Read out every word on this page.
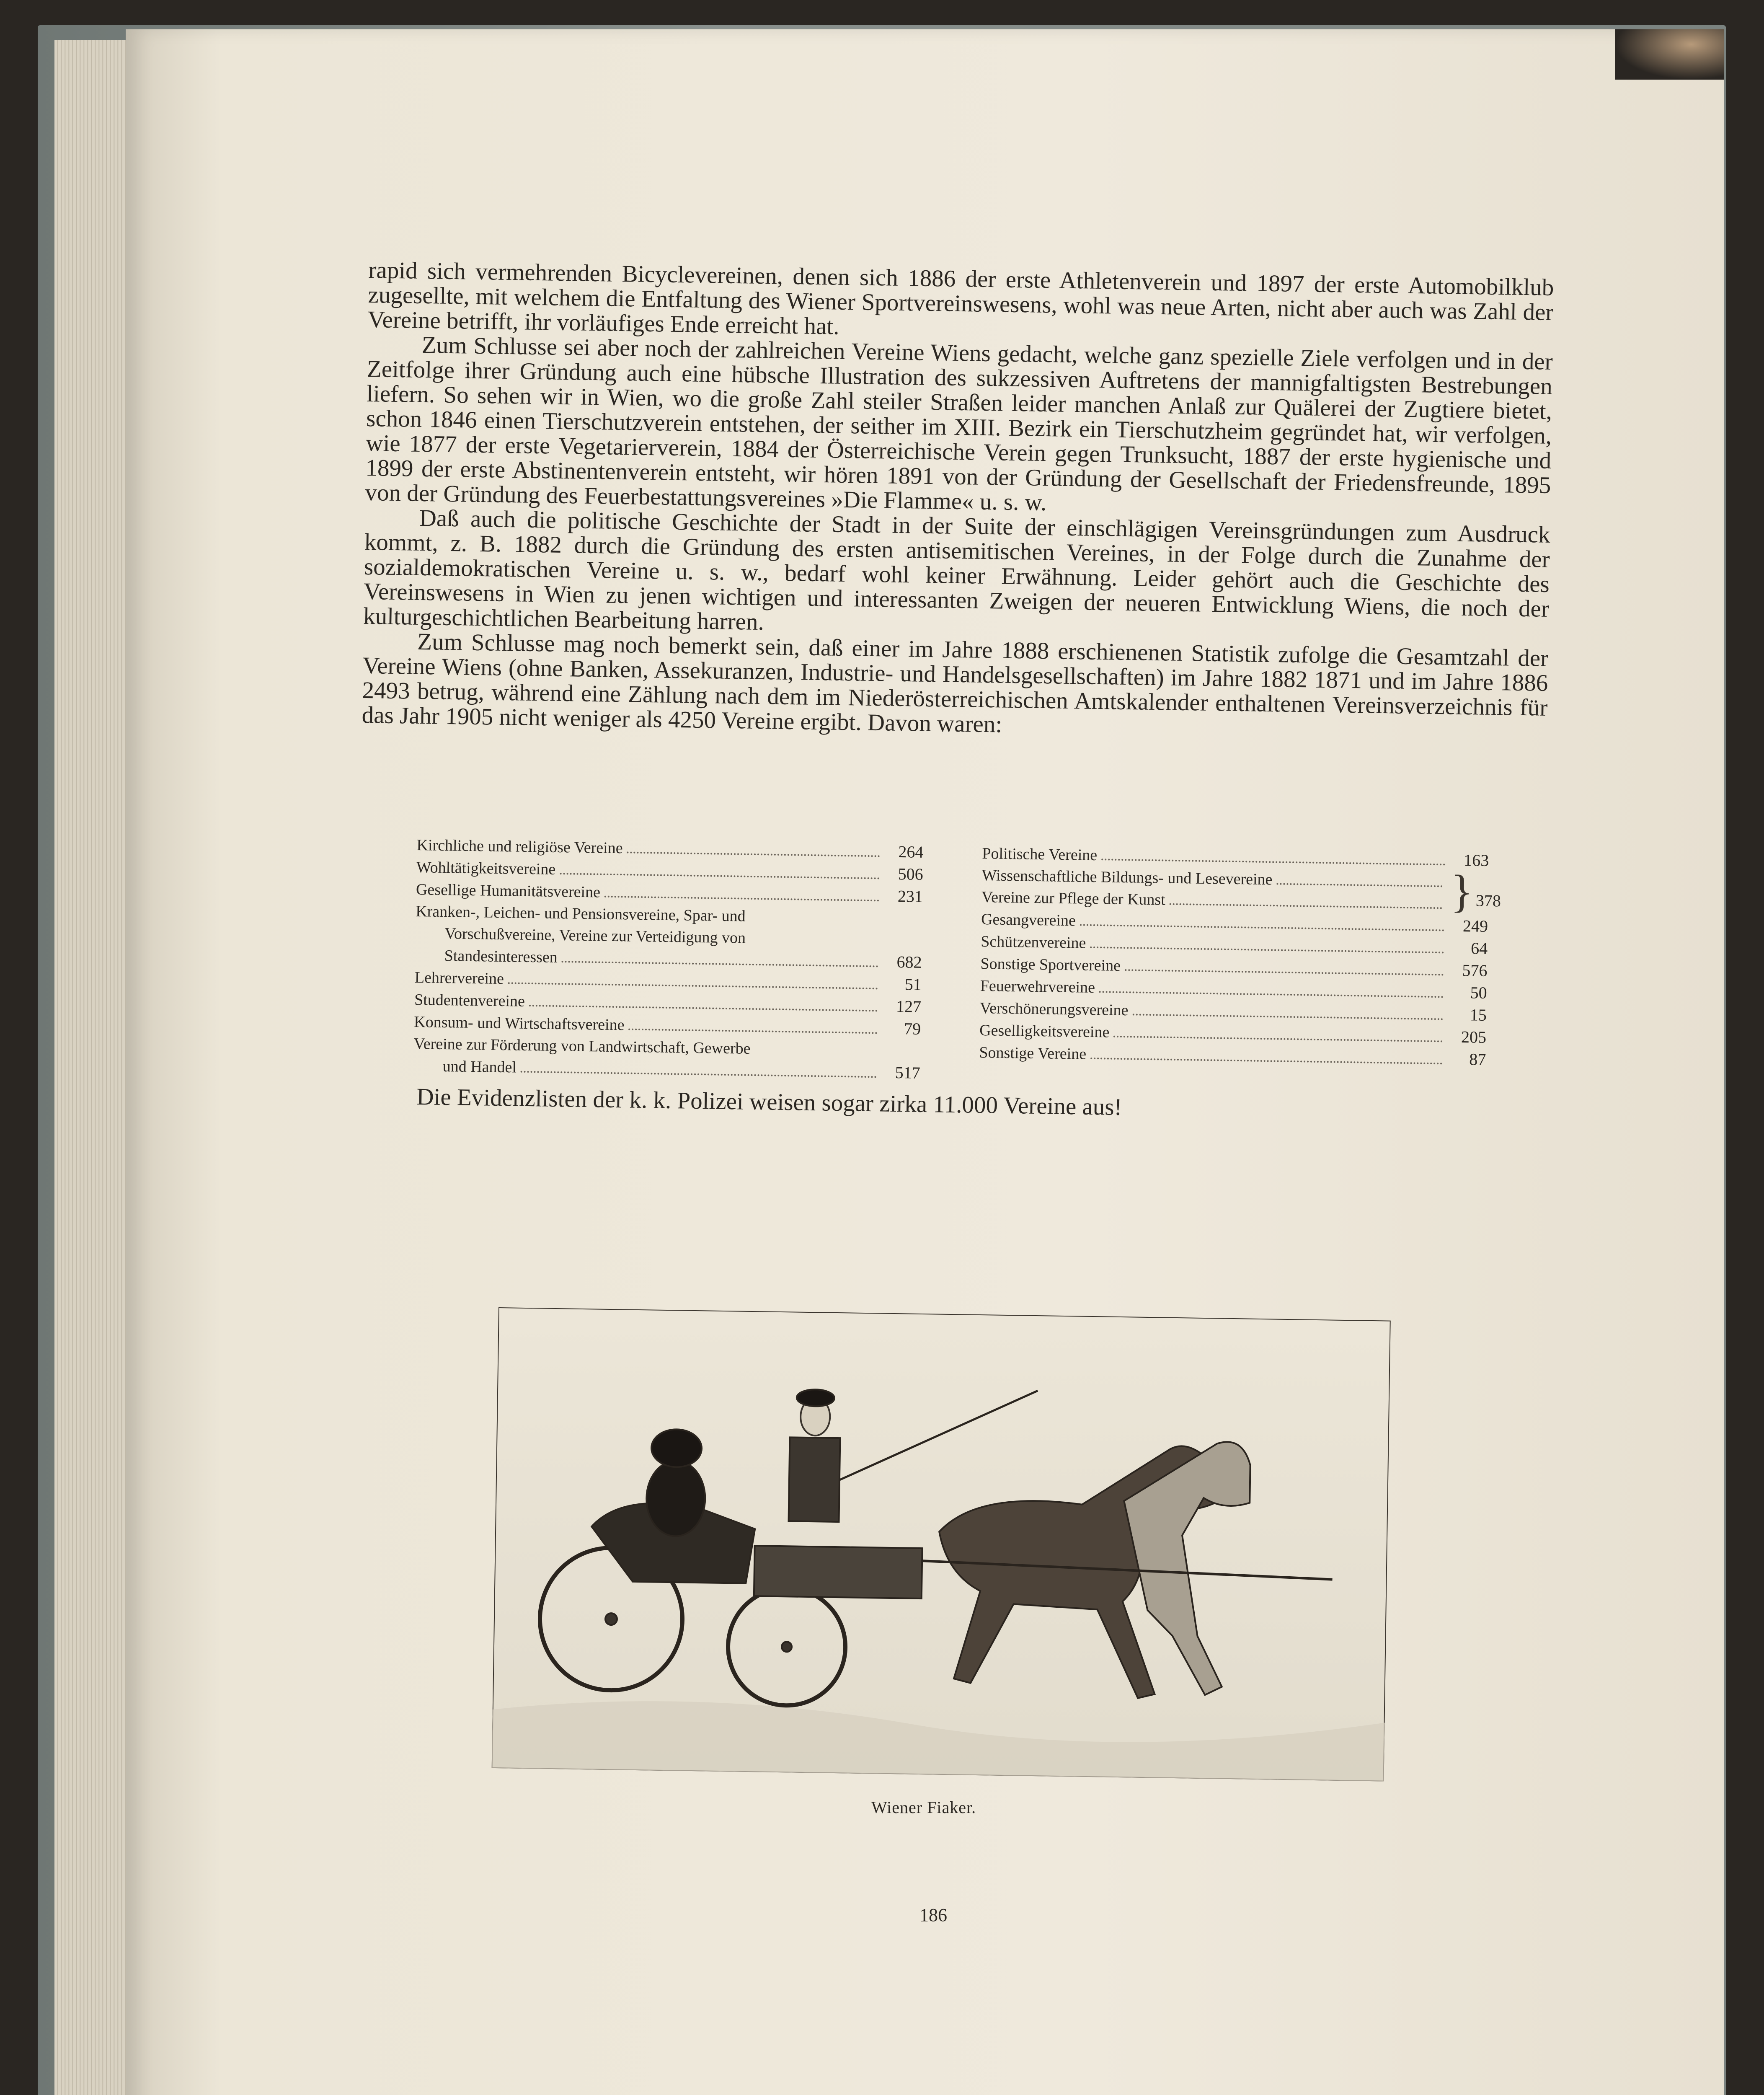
rapid sich vermehrenden Bicyclevereinen, denen sich 1886 der erste Athletenverein und 1897 der erste Automobilklub zugesellte, mit welchem die Entfaltung des Wiener Sportvereinswesens, wohl was neue Arten, nicht aber auch was Zahl der Vereine betrifft, ihr vorläufiges Ende erreicht hat.

Zum Schlusse sei aber noch der zahlreichen Vereine Wiens gedacht, welche ganz spezielle Ziele verfolgen und in der Zeitfolge ihrer Gründung auch eine hübsche Illustration des sukzessiven Auftretens der mannigfaltigsten Bestrebungen liefern. So sehen wir in Wien, wo die große Zahl steiler Straßen leider manchen Anlaß zur Quälerei der Zugtiere bietet, schon 1846 einen Tierschutzverein entstehen, der seither im XIII. Bezirk ein Tierschutzheim gegründet hat, wir verfolgen, wie 1877 der erste Vegetarierverein, 1884 der Österreichische Verein gegen Trunksucht, 1887 der erste hygienische und 1899 der erste Abstinentenverein entsteht, wir hören 1891 von der Gründung der Gesellschaft der Friedensfreunde, 1895 von der Gründung des Feuerbestattungsvereines »Die Flamme« u. s. w.

Daß auch die politische Geschichte der Stadt in der Suite der einschlägigen Vereinsgründungen zum Ausdruck kommt, z. B. 1882 durch die Gründung des ersten antisemitischen Vereines, in der Folge durch die Zunahme der sozialdemokratischen Vereine u. s. w., bedarf wohl keiner Erwähnung. Leider gehört auch die Geschichte des Vereinswesens in Wien zu jenen wichtigen und interessanten Zweigen der neueren Entwicklung Wiens, die noch der kulturgeschichtlichen Bearbeitung harren.

Zum Schlusse mag noch bemerkt sein, daß einer im Jahre 1888 erschienenen Statistik zufolge die Gesamtzahl der Vereine Wiens (ohne Banken, Assekuranzen, Industrie- und Handelsgesellschaften) im Jahre 1882 1871 und im Jahre 1886 2493 betrug, während eine Zählung nach dem im Niederösterreichischen Amtskalender enthaltenen Vereinsverzeichnis für das Jahr 1905 nicht weniger als 4250 Vereine ergibt. Davon waren:

Kirchliche und religiöse Vereine	264
Wohltätigkeitsvereine	506
Gesellige Humanitätsvereine	231
Kranken-, Leichen- und Pensionsvereine, Spar- und
Vorschußvereine, Vereine zur Verteidigung von
Standesinteressen	682
Lehrervereine	51
Studentenvereine	127
Konsum- und Wirtschaftsvereine	79
Vereine zur Förderung von Landwirtschaft, Gewerbe
und Handel	517
Politische Vereine	163
Wissenschaftliche Bildungs- und Lesevereine
Vereine zur Pflege der Kunst	} 378
Gesangvereine	249
Schützenvereine	64
Sonstige Sportvereine	576
Feuerwehrvereine	50
Verschönerungsvereine	15
Geselligkeitsvereine	205
Sonstige Vereine	87
Die Evidenzlisten der k. k. Polizei weisen sogar zirka 11.000 Vereine aus!
Wiener Fiaker.
186
